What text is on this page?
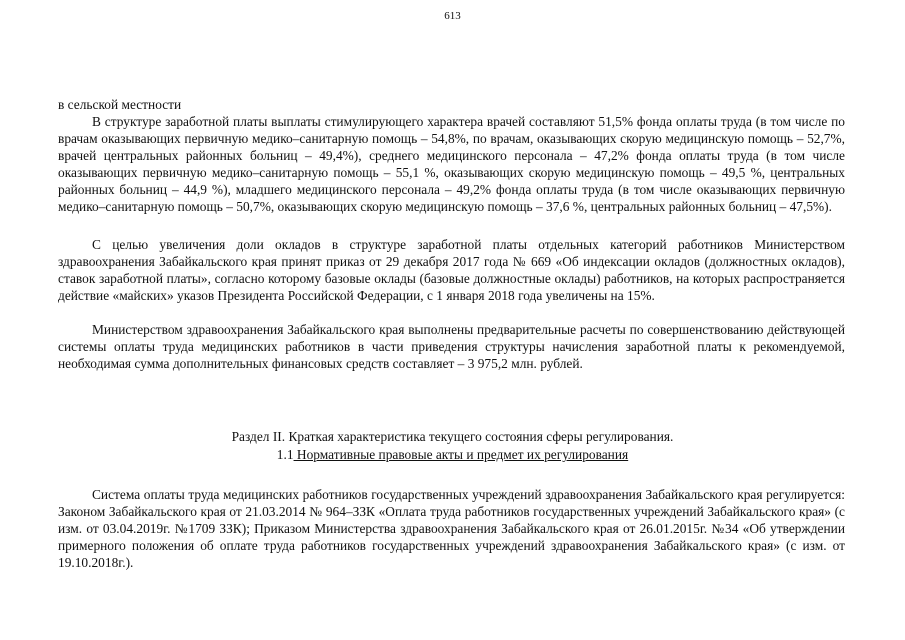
613

в сельской местности

В структуре заработной платы выплаты стимулирующего характера врачей составляют 51,5% фонда оплаты труда (в том числе по врачам оказывающих первичную медико–санитарную помощь – 54,8%, по врачам, оказывающих скорую медицинскую помощь – 52,7%, врачей центральных районных больниц – 49,4%), среднего медицинского персонала – 47,2% фонда оплаты труда (в том числе оказывающих первичную медико–санитарную помощь – 55,1 %, оказывающих скорую медицинскую помощь – 49,5 %, центральных районных больниц – 44,9 %), младшего медицинского персонала – 49,2% фонда оплаты труда (в том числе оказывающих первичную медико–санитарную помощь – 50,7%, оказывающих скорую медицинскую помощь – 37,6 %, центральных районных больниц – 47,5%).

С целью увеличения доли окладов в структуре заработной платы отдельных категорий работников Министерством здравоохранения Забайкальского края принят приказ от 29 декабря 2017 года № 669 «Об индексации окладов (должностных окладов), ставок заработной платы», согласно которому базовые оклады (базовые должностные оклады) работников, на которых распространяется действие «майских» указов Президента Российской Федерации, с 1 января 2018 года увеличены на 15%.

Министерством здравоохранения Забайкальского края выполнены предварительные расчеты по совершенствованию действующей системы оплаты труда медицинских работников в части приведения структуры начисления заработной платы к рекомендуемой, необходимая сумма дополнительных финансовых средств составляет – 3 975,2 млн. рублей.

Раздел II. Краткая характеристика текущего состояния сферы регулирования.

1.1 Нормативные правовые акты и предмет их регулирования

Система оплаты труда медицинских работников государственных учреждений здравоохранения Забайкальского края регулируется: Законом Забайкальского края от 21.03.2014 № 964–ЗЗК «Оплата труда работников государственных учреждений Забайкальского края» (с изм. от 03.04.2019г. №1709 ЗЗК); Приказом Министерства здравоохранения Забайкальского края от 26.01.2015г. №34 «Об утверждении примерного положения об оплате труда работников государственных учреждений здравоохранения Забайкальского края» (с изм. от 19.10.2018г.).
